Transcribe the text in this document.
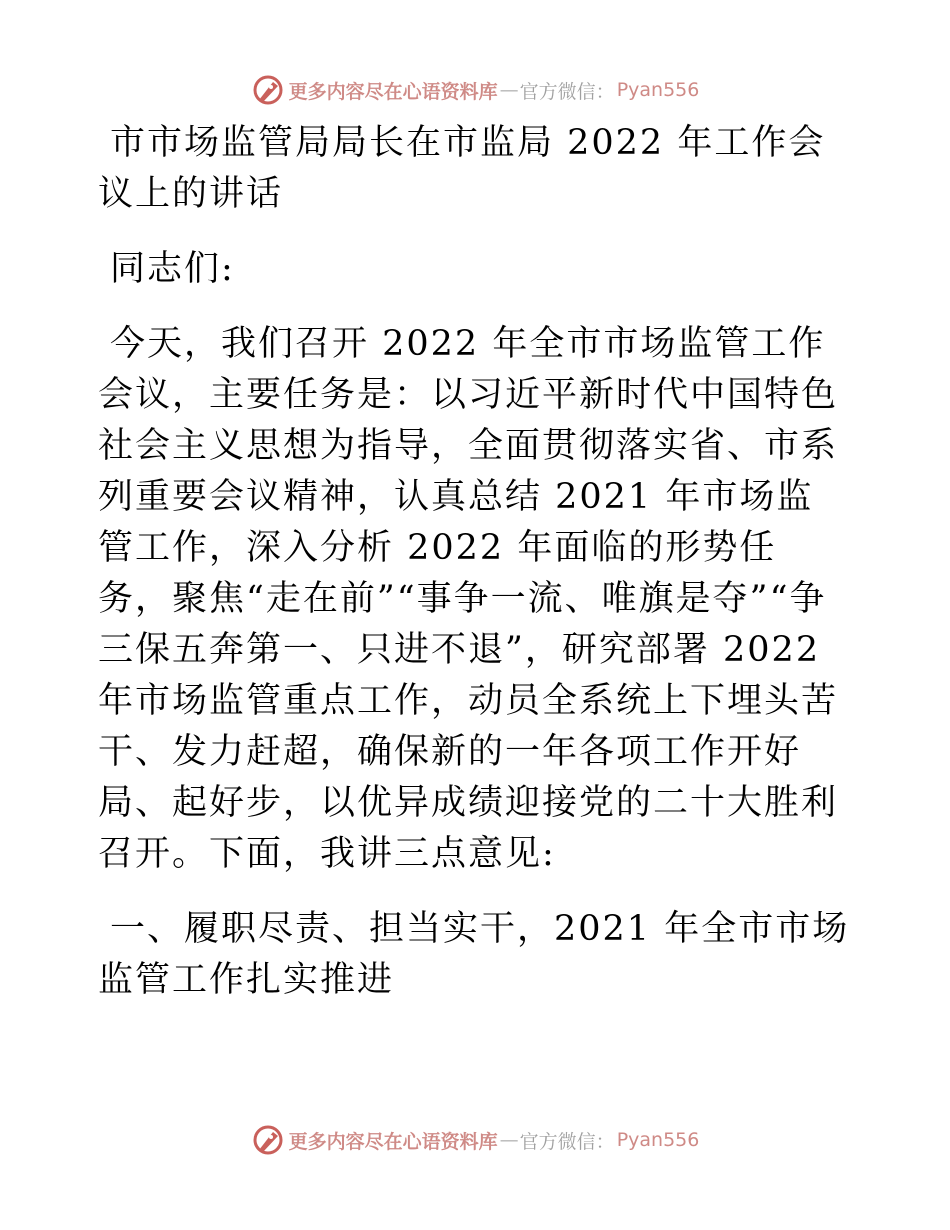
更多内容尽在心语资料库 — 官方微信： Pyan556

市市场监管局局长在市监局 2022 年工作会议上的讲话

同志们:

今天，我们召开 2022 年全市市场监管工作会议，主要任务是：以习近平新时代中国特色社会主义思想为指导，全面贯彻落实省、市系列重要会议精神，认真总结 2021 年市场监管工作，深入分析 2022 年面临的形势任务，聚焦“走在前”“事争一流、唯旗是夺”“争三保五奔第一、只进不退”，研究部署 2022 年市场监管重点工作，动员全系统上下埋头苦干、发力赶超，确保新的一年各项工作开好局、起好步，以优异成绩迎接党的二十大胜利召开。下面，我讲三点意见:

一、履职尽责、担当实干，2021 年全市市场监管工作扎实推进

更多内容尽在心语资料库 — 官方微信： Pyan556
